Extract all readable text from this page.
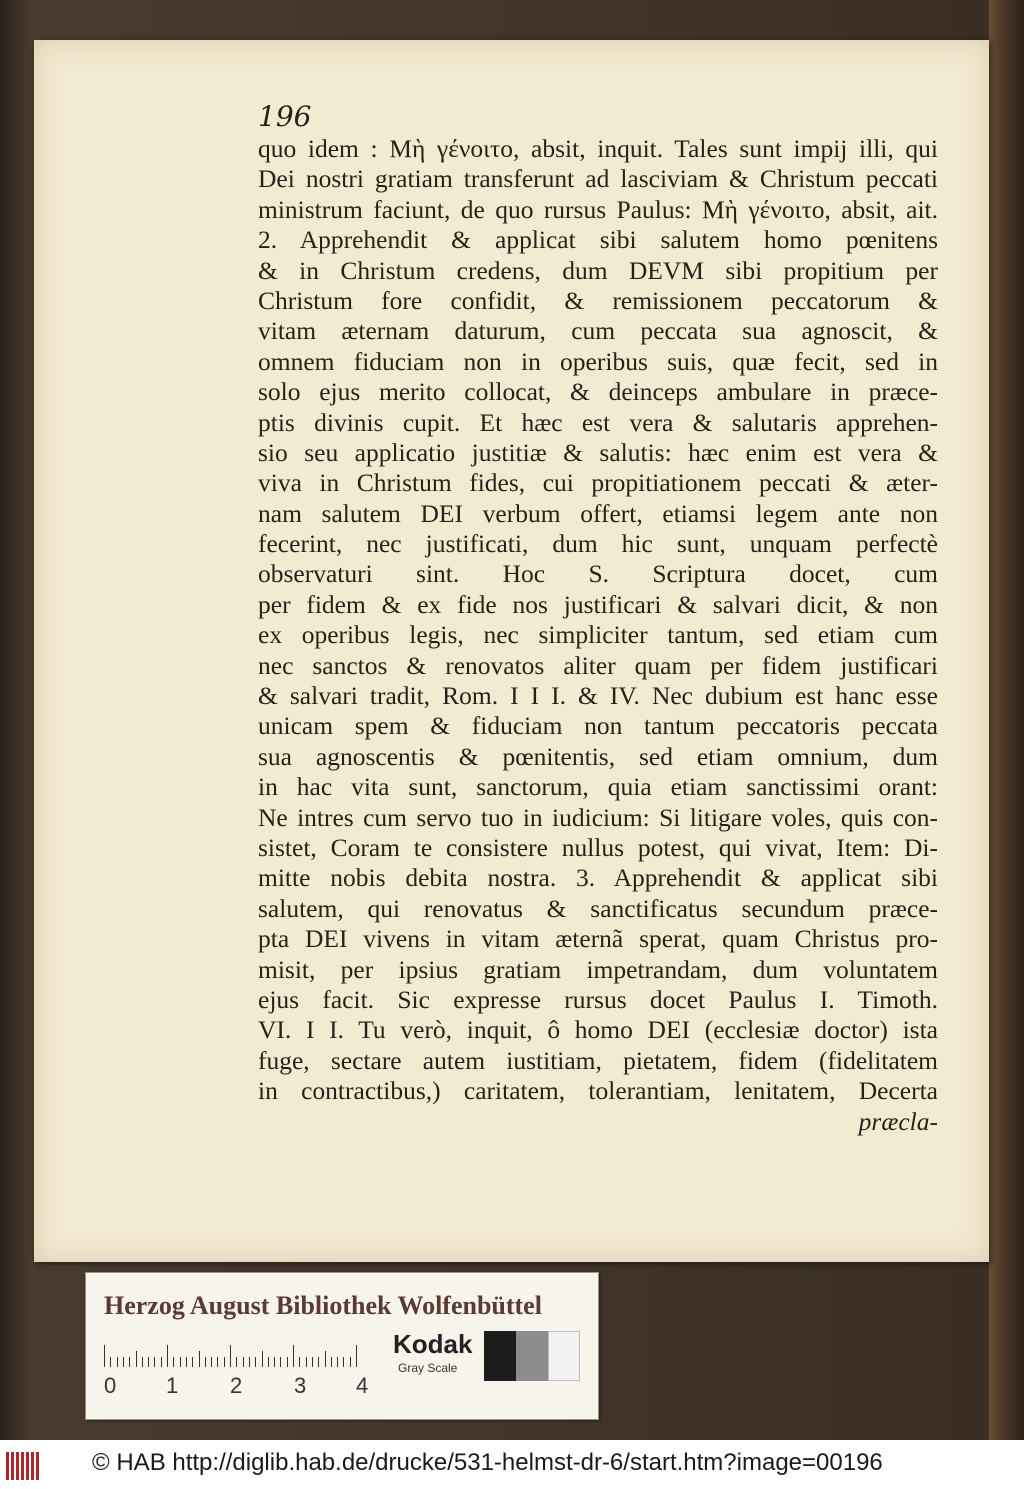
196
quo idem : Μὴ γένοιτο, absit, inquit. Tales sunt impij illi, qui
Dei nostri gratiam transferunt ad lasciviam & Christum peccati
ministrum faciunt, de quo rursus Paulus: Μὴ γένοιτο, absit, ait.
2. Apprehendit & applicat sibi salutem homo pœnitens
& in Christum credens, dum DEVM sibi propitium per
Christum fore confidit, & remissionem peccatorum &
vitam æternam daturum, cum peccata sua agnoscit, &
omnem fiduciam non in operibus suis, quæ fecit, sed in
solo ejus merito collocat, & deinceps ambulare in præce-
ptis divinis cupit. Et hæc est vera & salutaris apprehen-
sio seu applicatio justitiæ & salutis: hæc enim est vera &
viva in Christum fides, cui propitiationem peccati & æter-
nam salutem DEI verbum offert, etiamsi legem ante non
fecerint, nec justificati, dum hic sunt, unquam perfectè
observaturi sint. Hoc S. Scriptura docet, cum
per fidem & ex fide nos justificari & salvari dicit, & non
ex operibus legis, nec simpliciter tantum, sed etiam cum
nec sanctos & renovatos aliter quam per fidem justificari
& salvari tradit, Rom. I I I. & IV. Nec dubium est hanc esse
unicam spem & fiduciam non tantum peccatoris peccata
sua agnoscentis & pœnitentis, sed etiam omnium, dum
in hac vita sunt, sanctorum, quia etiam sanctissimi orant:
Ne intres cum servo tuo in iudicium: Si litigare voles, quis con-
sistet, Coram te consistere nullus potest, qui vivat, Item: Di-
mitte nobis debita nostra. 3. Apprehendit & applicat sibi
salutem, qui renovatus & sanctificatus secundum præce-
pta DEI vivens in vitam æternã sperat, quam Christus pro-
misit, per ipsius gratiam impetrandam, dum voluntatem
ejus facit. Sic expresse rursus docet Paulus I. Timoth.
VI. I I. Tu verò, inquit, ô homo DEI (ecclesiæ doctor) ista
fuge, sectare autem iustitiam, pietatem, fidem (fidelitatem
in contractibus,) caritatem, tolerantiam, lenitatem, Decerta
præcla-
Herzog August Bibliothek Wolfenbüttel
0 1 2 3 4
Kodak
Gray Scale
© HAB http://diglib.hab.de/drucke/531-helmst-dr-6/start.htm?image=00196
